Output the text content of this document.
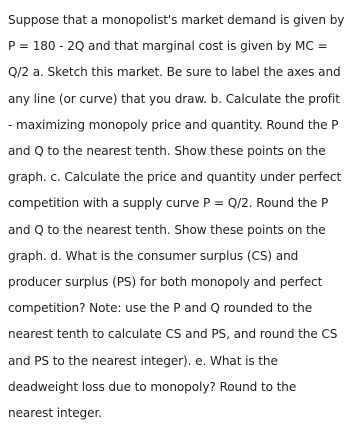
Suppose that a monopolist's market demand is given by
P = 180 - 2Q and that marginal cost is given by MC =
Q/2 a. Sketch this market. Be sure to label the axes and
any line (or curve) that you draw. b. Calculate the profit
- maximizing monopoly price and quantity. Round the P
and Q to the nearest tenth. Show these points on the
graph. c. Calculate the price and quantity under perfect
competition with a supply curve P = Q/2. Round the P
and Q to the nearest tenth. Show these points on the
graph. d. What is the consumer surplus (CS) and
producer surplus (PS) for both monopoly and perfect
competition? Note: use the P and Q rounded to the
nearest tenth to calculate CS and PS, and round the CS
and PS to the nearest integer). e. What is the
deadweight loss due to monopoly? Round to the
nearest integer.
